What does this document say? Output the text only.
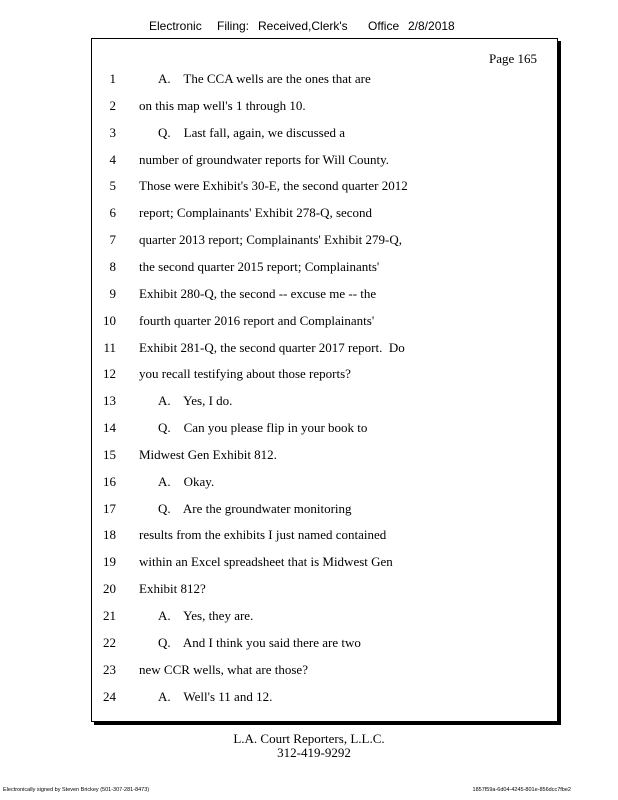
Electronic Filing: Received,Clerk's Office 2/8/2018
Page 165
1	A.    The CCA wells are the ones that are
2 on this map well's 1 through 10.
3	Q.    Last fall, again, we discussed a
4 number of groundwater reports for Will County.
5 Those were Exhibit's 30-E, the second quarter 2012
6 report; Complainants' Exhibit 278-Q, second
7 quarter 2013 report; Complainants' Exhibit 279-Q,
8 the second quarter 2015 report; Complainants'
9 Exhibit 280-Q, the second -- excuse me -- the
10 fourth quarter 2016 report and Complainants'
11 Exhibit 281-Q, the second quarter 2017 report.  Do
12 you recall testifying about those reports?
13	A.    Yes, I do.
14	Q.    Can you please flip in your book to
15 Midwest Gen Exhibit 812.
16	A.    Okay.
17	Q.    Are the groundwater monitoring
18 results from the exhibits I just named contained
19 within an Excel spreadsheet that is Midwest Gen
20 Exhibit 812?
21	A.    Yes, they are.
22	Q.    And I think you said there are two
23 new CCR wells, what are those?
24	A.    Well's 11 and 12.
L.A. Court Reporters, L.L.C.
312-419-9292
Electronically signed by Steven Brickey (501-307-281-8473)	1857f59a-6d04-4245-801e-856dcc7fbe2
